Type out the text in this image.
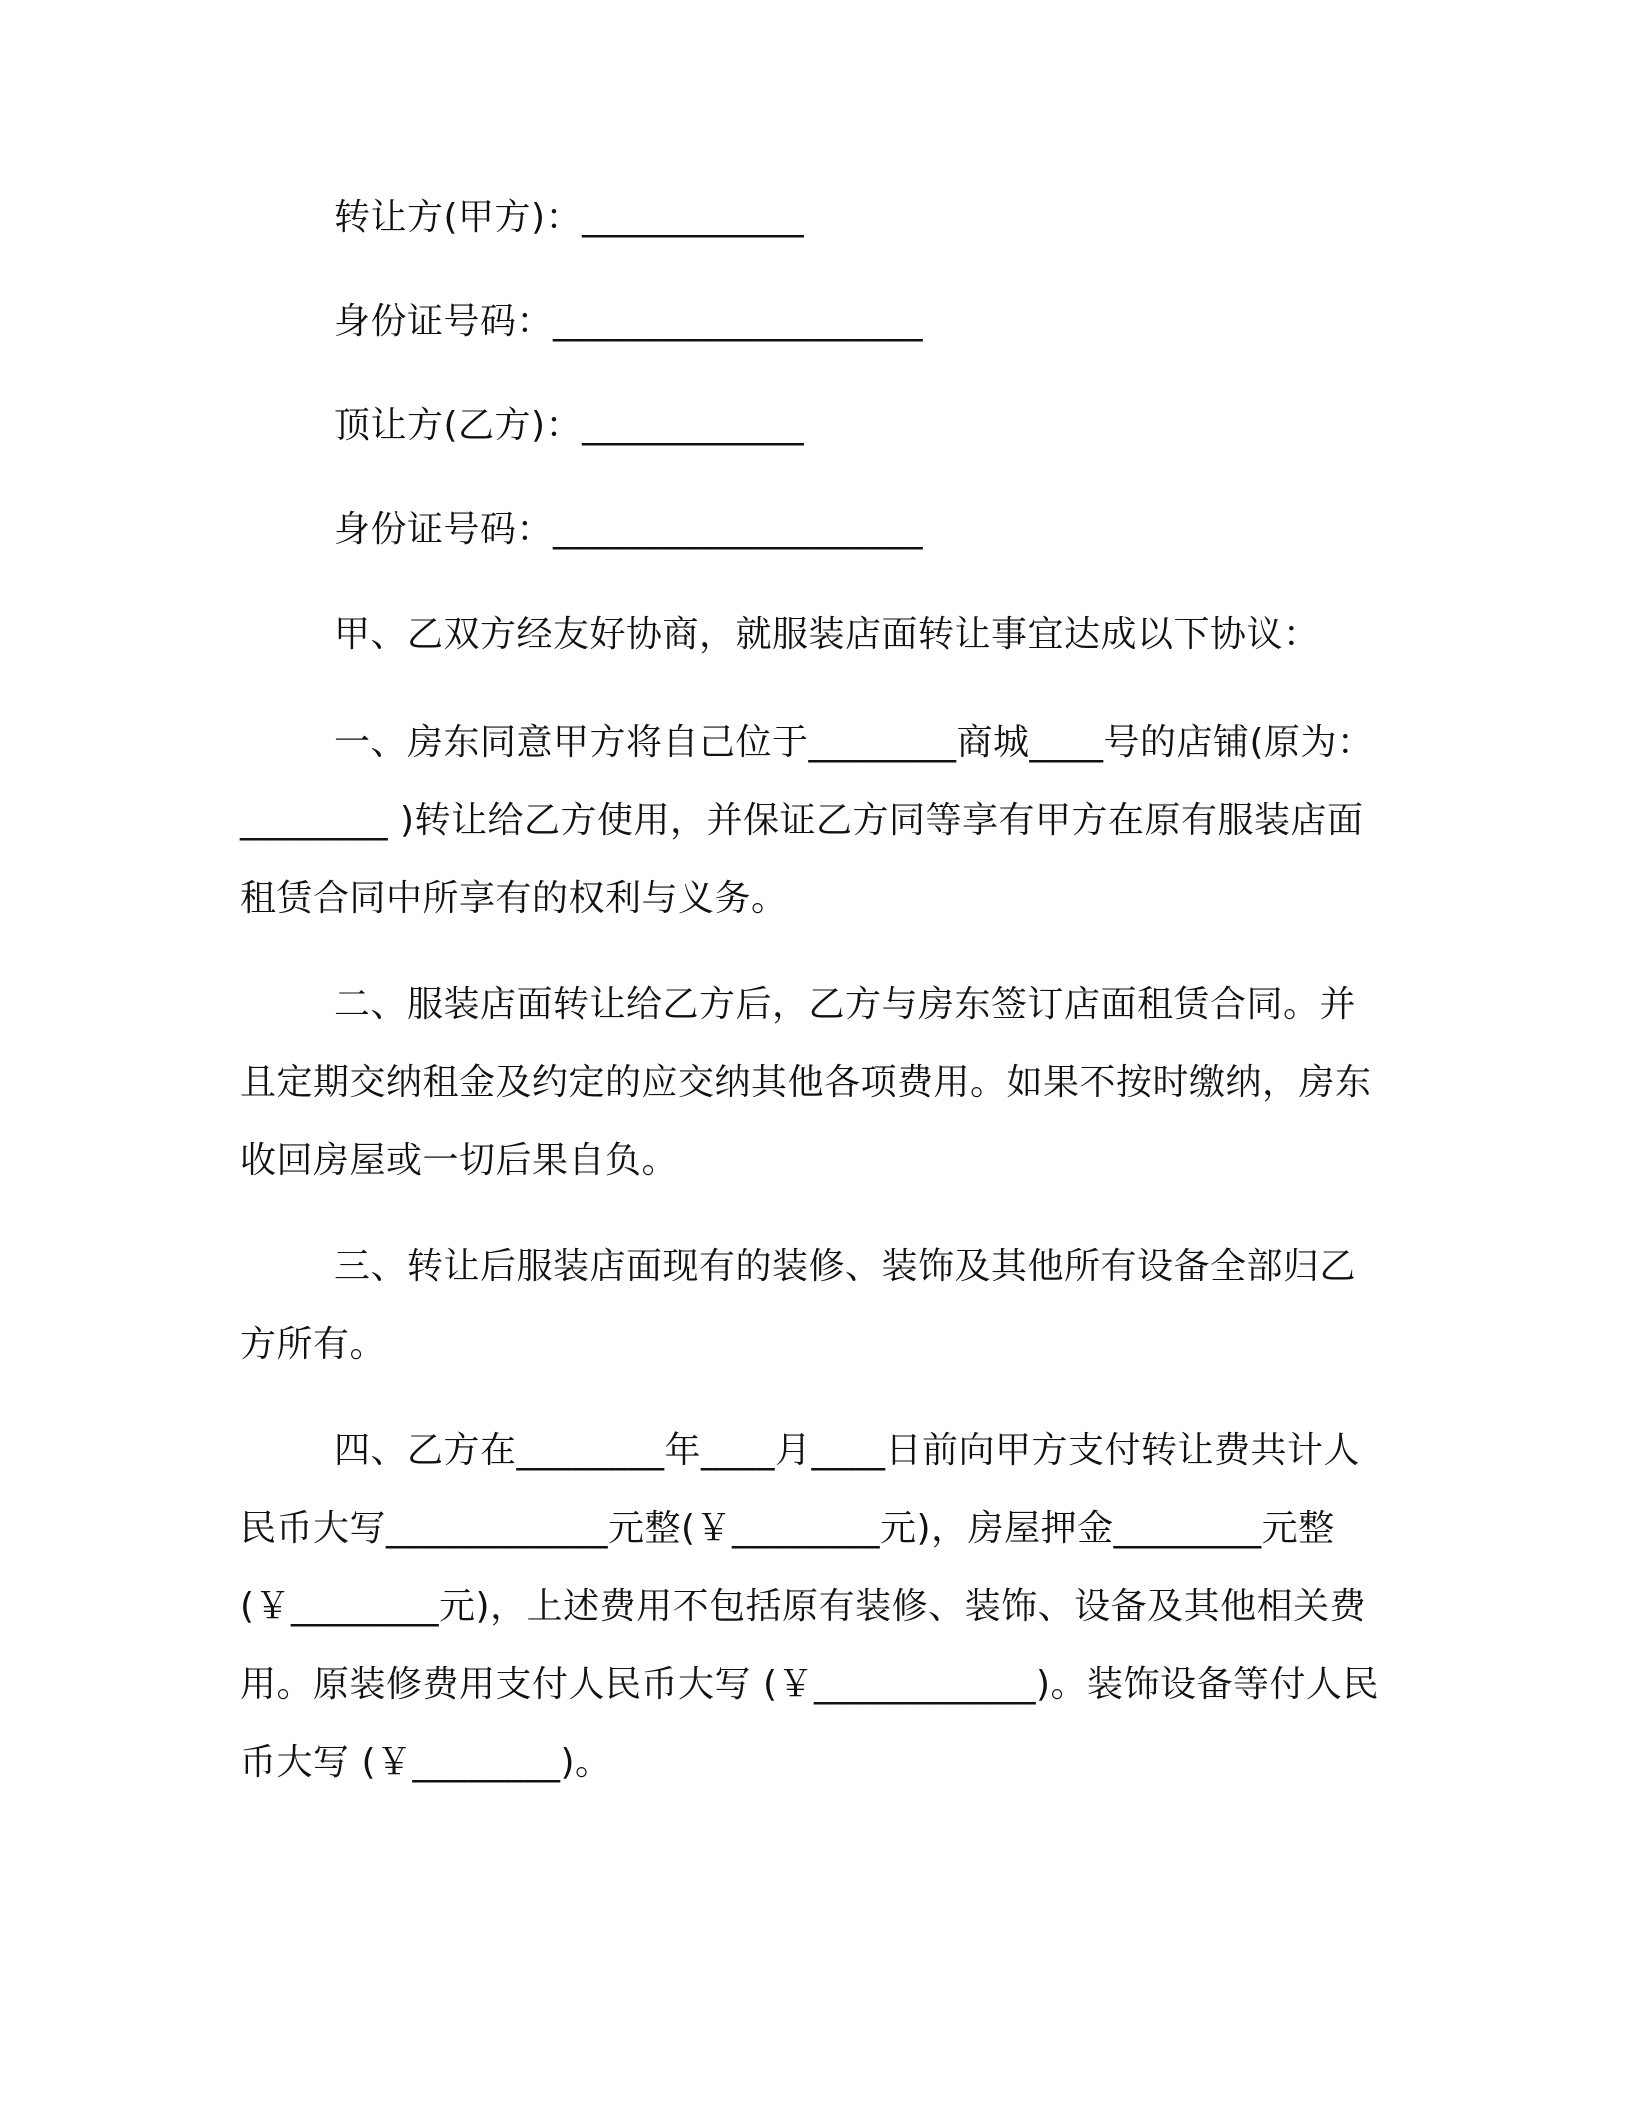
转让方(甲方)：____________
身份证号码：____________________
顶让方(乙方)：____________
身份证号码：____________________

甲、乙双方经友好协商，就服装店面转让事宜达成以下协议：

一、房东同意甲方将自己位于________商城____号的店铺(原为：________ )转让给乙方使用，并保证乙方同等享有甲方在原有服装店面租赁合同中所享有的权利与义务。

二、服装店面转让给乙方后，乙方与房东签订店面租赁合同。并且定期交纳租金及约定的应交纳其他各项费用。如果不按时缴纳，房东收回房屋或一切后果自负。

三、转让后服装店面现有的装修、装饰及其他所有设备全部归乙方所有。

四、乙方在________年____月____日前向甲方支付转让费共计人民币大写____________元整(￥________元)，房屋押金________元整(￥________元)，上述费用不包括原有装修、装饰、设备及其他相关费用。原装修费用支付人民币大写 (￥____________)。装饰设备等付人民币大写 (￥________)。
